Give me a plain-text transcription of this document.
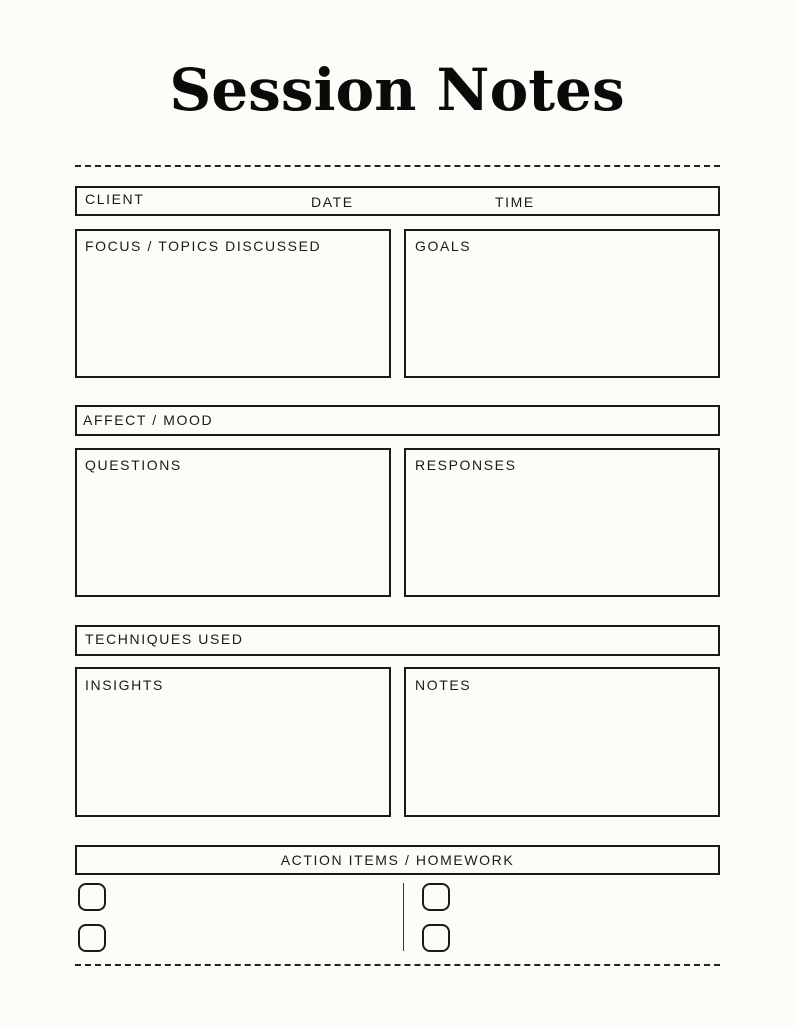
Session Notes
CLIENT	DATE	TIME
FOCUS / TOPICS DISCUSSED	GOALS
AFFECT / MOOD
QUESTIONS	RESPONSES
TECHNIQUES USED
INSIGHTS	NOTES
ACTION ITEMS / HOMEWORK
